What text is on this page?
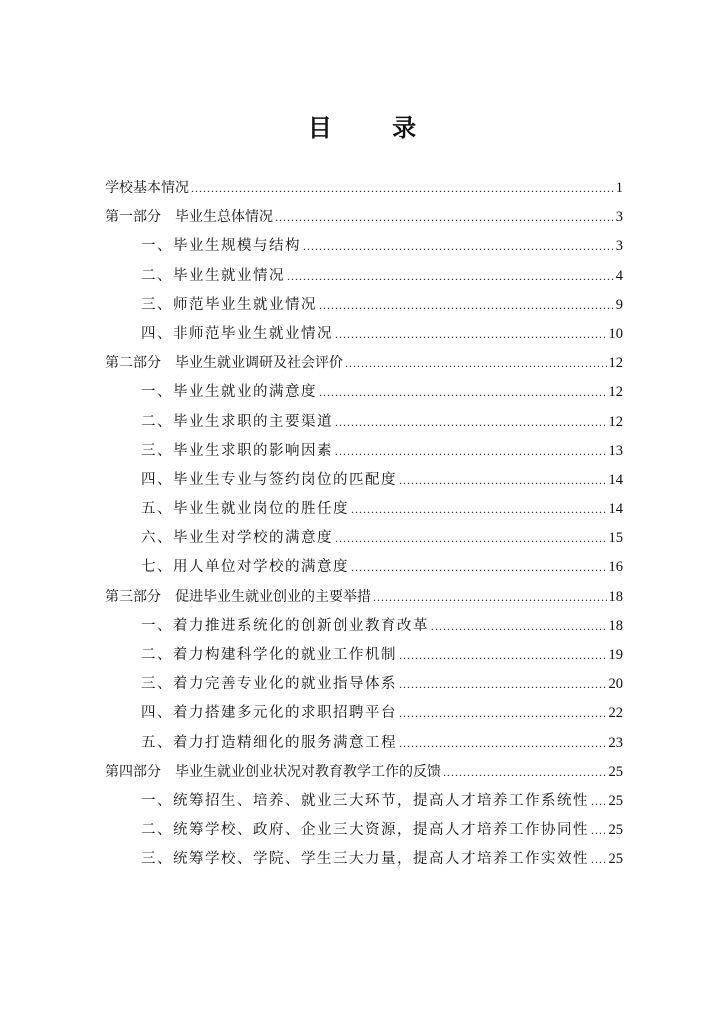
目 录
学校基本情况 .....	1
第一部分　毕业生总体情况 .....	3
一、毕业生规模与结构 .....	3
二、毕业生就业情况 .....	4
三、师范毕业生就业情况 .....	9
四、非师范毕业生就业情况 .....	10
第二部分　毕业生就业调研及社会评价 .....	12
一、毕业生就业的满意度 .....	12
二、毕业生求职的主要渠道 .....	12
三、毕业生求职的影响因素 .....	13
四、毕业生专业与签约岗位的匹配度 .....	14
五、毕业生就业岗位的胜任度 .....	14
六、毕业生对学校的满意度 .....	15
七、用人单位对学校的满意度 .....	16
第三部分　促进毕业生就业创业的主要举措 .....	18
一、着力推进系统化的创新创业教育改革 .....	18
二、着力构建科学化的就业工作机制 .....	19
三、着力完善专业化的就业指导体系 .....	20
四、着力搭建多元化的求职招聘平台 .....	22
五、着力打造精细化的服务满意工程 .....	23
第四部分　毕业生就业创业状况对教育教学工作的反馈 .....	25
一、统筹招生、培养、就业三大环节，提高人才培养工作系统性 ..... 25
二、统筹学校、政府、企业三大资源，提高人才培养工作协同性 ..... 25
三、统筹学校、学院、学生三大力量，提高人才培养工作实效性 ..... 25
